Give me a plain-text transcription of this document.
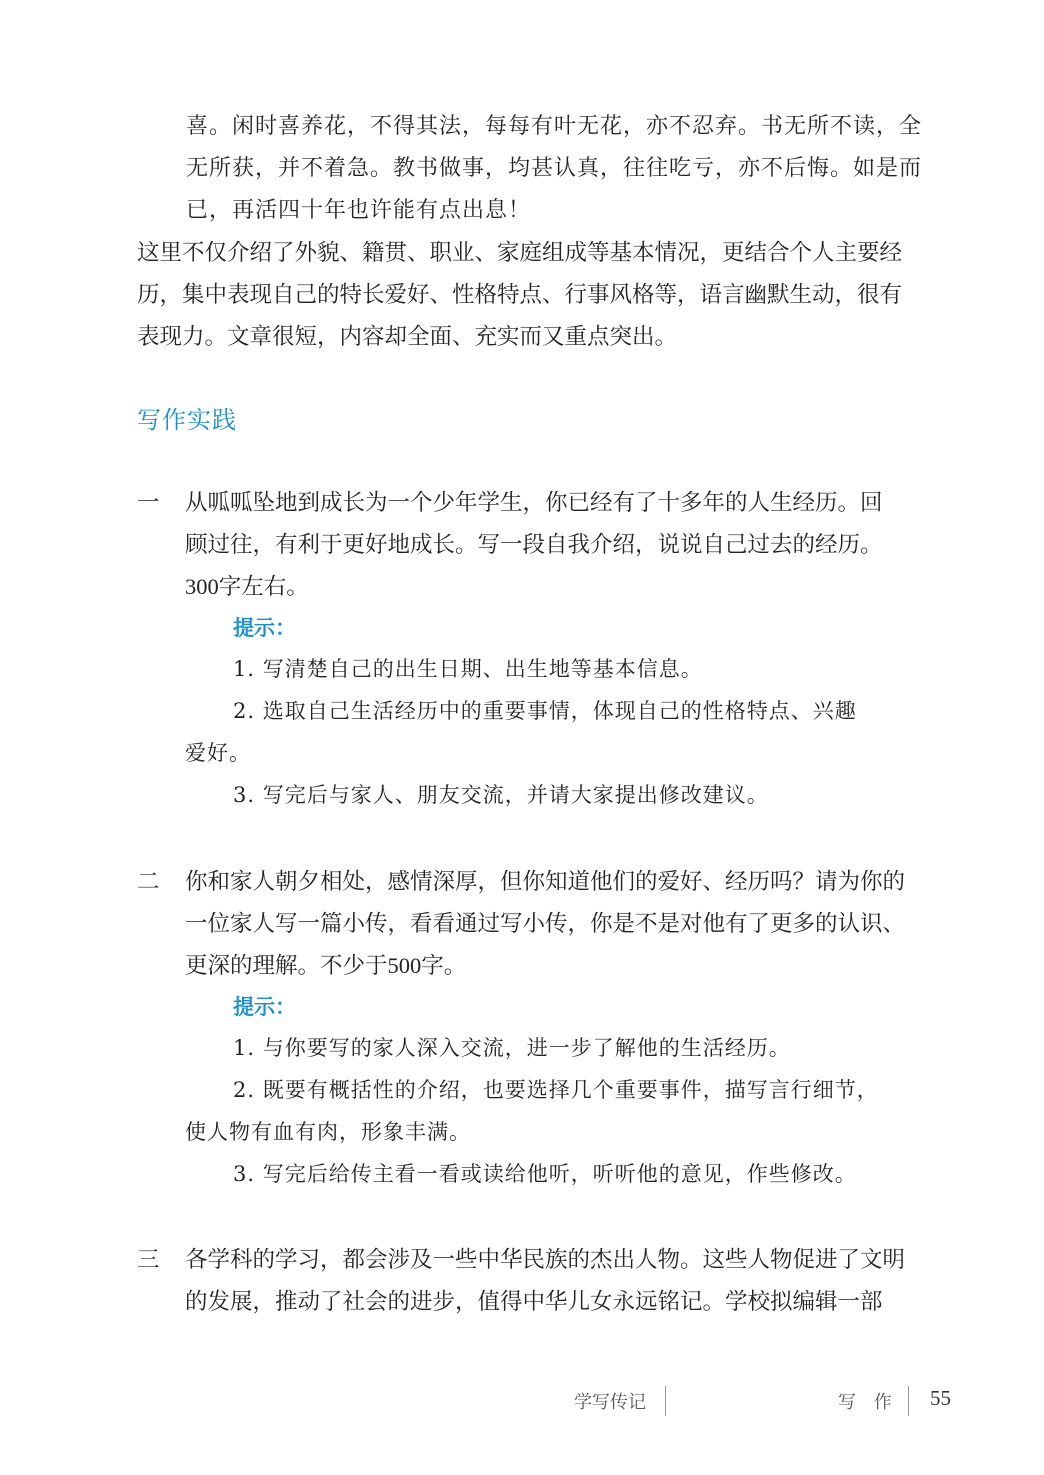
喜。闲时喜养花，不得其法，每每有叶无花，亦不忍弃。书无所不读，全

无所获，并不着急。教书做事，均甚认真，往往吃亏，亦不后悔。如是而

已，再活四十年也许能有点出息！

这里不仅介绍了外貌、籍贯、职业、家庭组成等基本情况，更结合个人主要经

历，集中表现自己的特长爱好、性格特点、行事风格等，语言幽默生动，很有

表现力。文章很短，内容却全面、充实而又重点突出。

写作实践
一 从呱呱坠地到成长为一个少年学生，你已经有了十多年的人生经历。回

顾过往，有利于更好地成长。写一段自我介绍，说说自己过去的经历。

300字左右。

提示：

1. 写清楚自己的出生日期、出生地等基本信息。

2. 选取自己生活经历中的重要事情，体现自己的性格特点、兴趣

爱好。

3. 写完后与家人、朋友交流，并请大家提出修改建议。

二 你和家人朝夕相处，感情深厚，但你知道他们的爱好、经历吗？请为你的

一位家人写一篇小传，看看通过写小传，你是不是对他有了更多的认识、

更深的理解。不少于500字。

提示：

1. 与你要写的家人深入交流，进一步了解他的生活经历。

2. 既要有概括性的介绍，也要选择几个重要事件，描写言行细节，

使人物有血有肉，形象丰满。

3. 写完后给传主看一看或读给他听，听听他的意见，作些修改。

三 各学科的学习，都会涉及一些中华民族的杰出人物。这些人物促进了文明

的发展，推动了社会的进步，值得中华儿女永远铭记。学校拟编辑一部

学写传记	写 作 55
